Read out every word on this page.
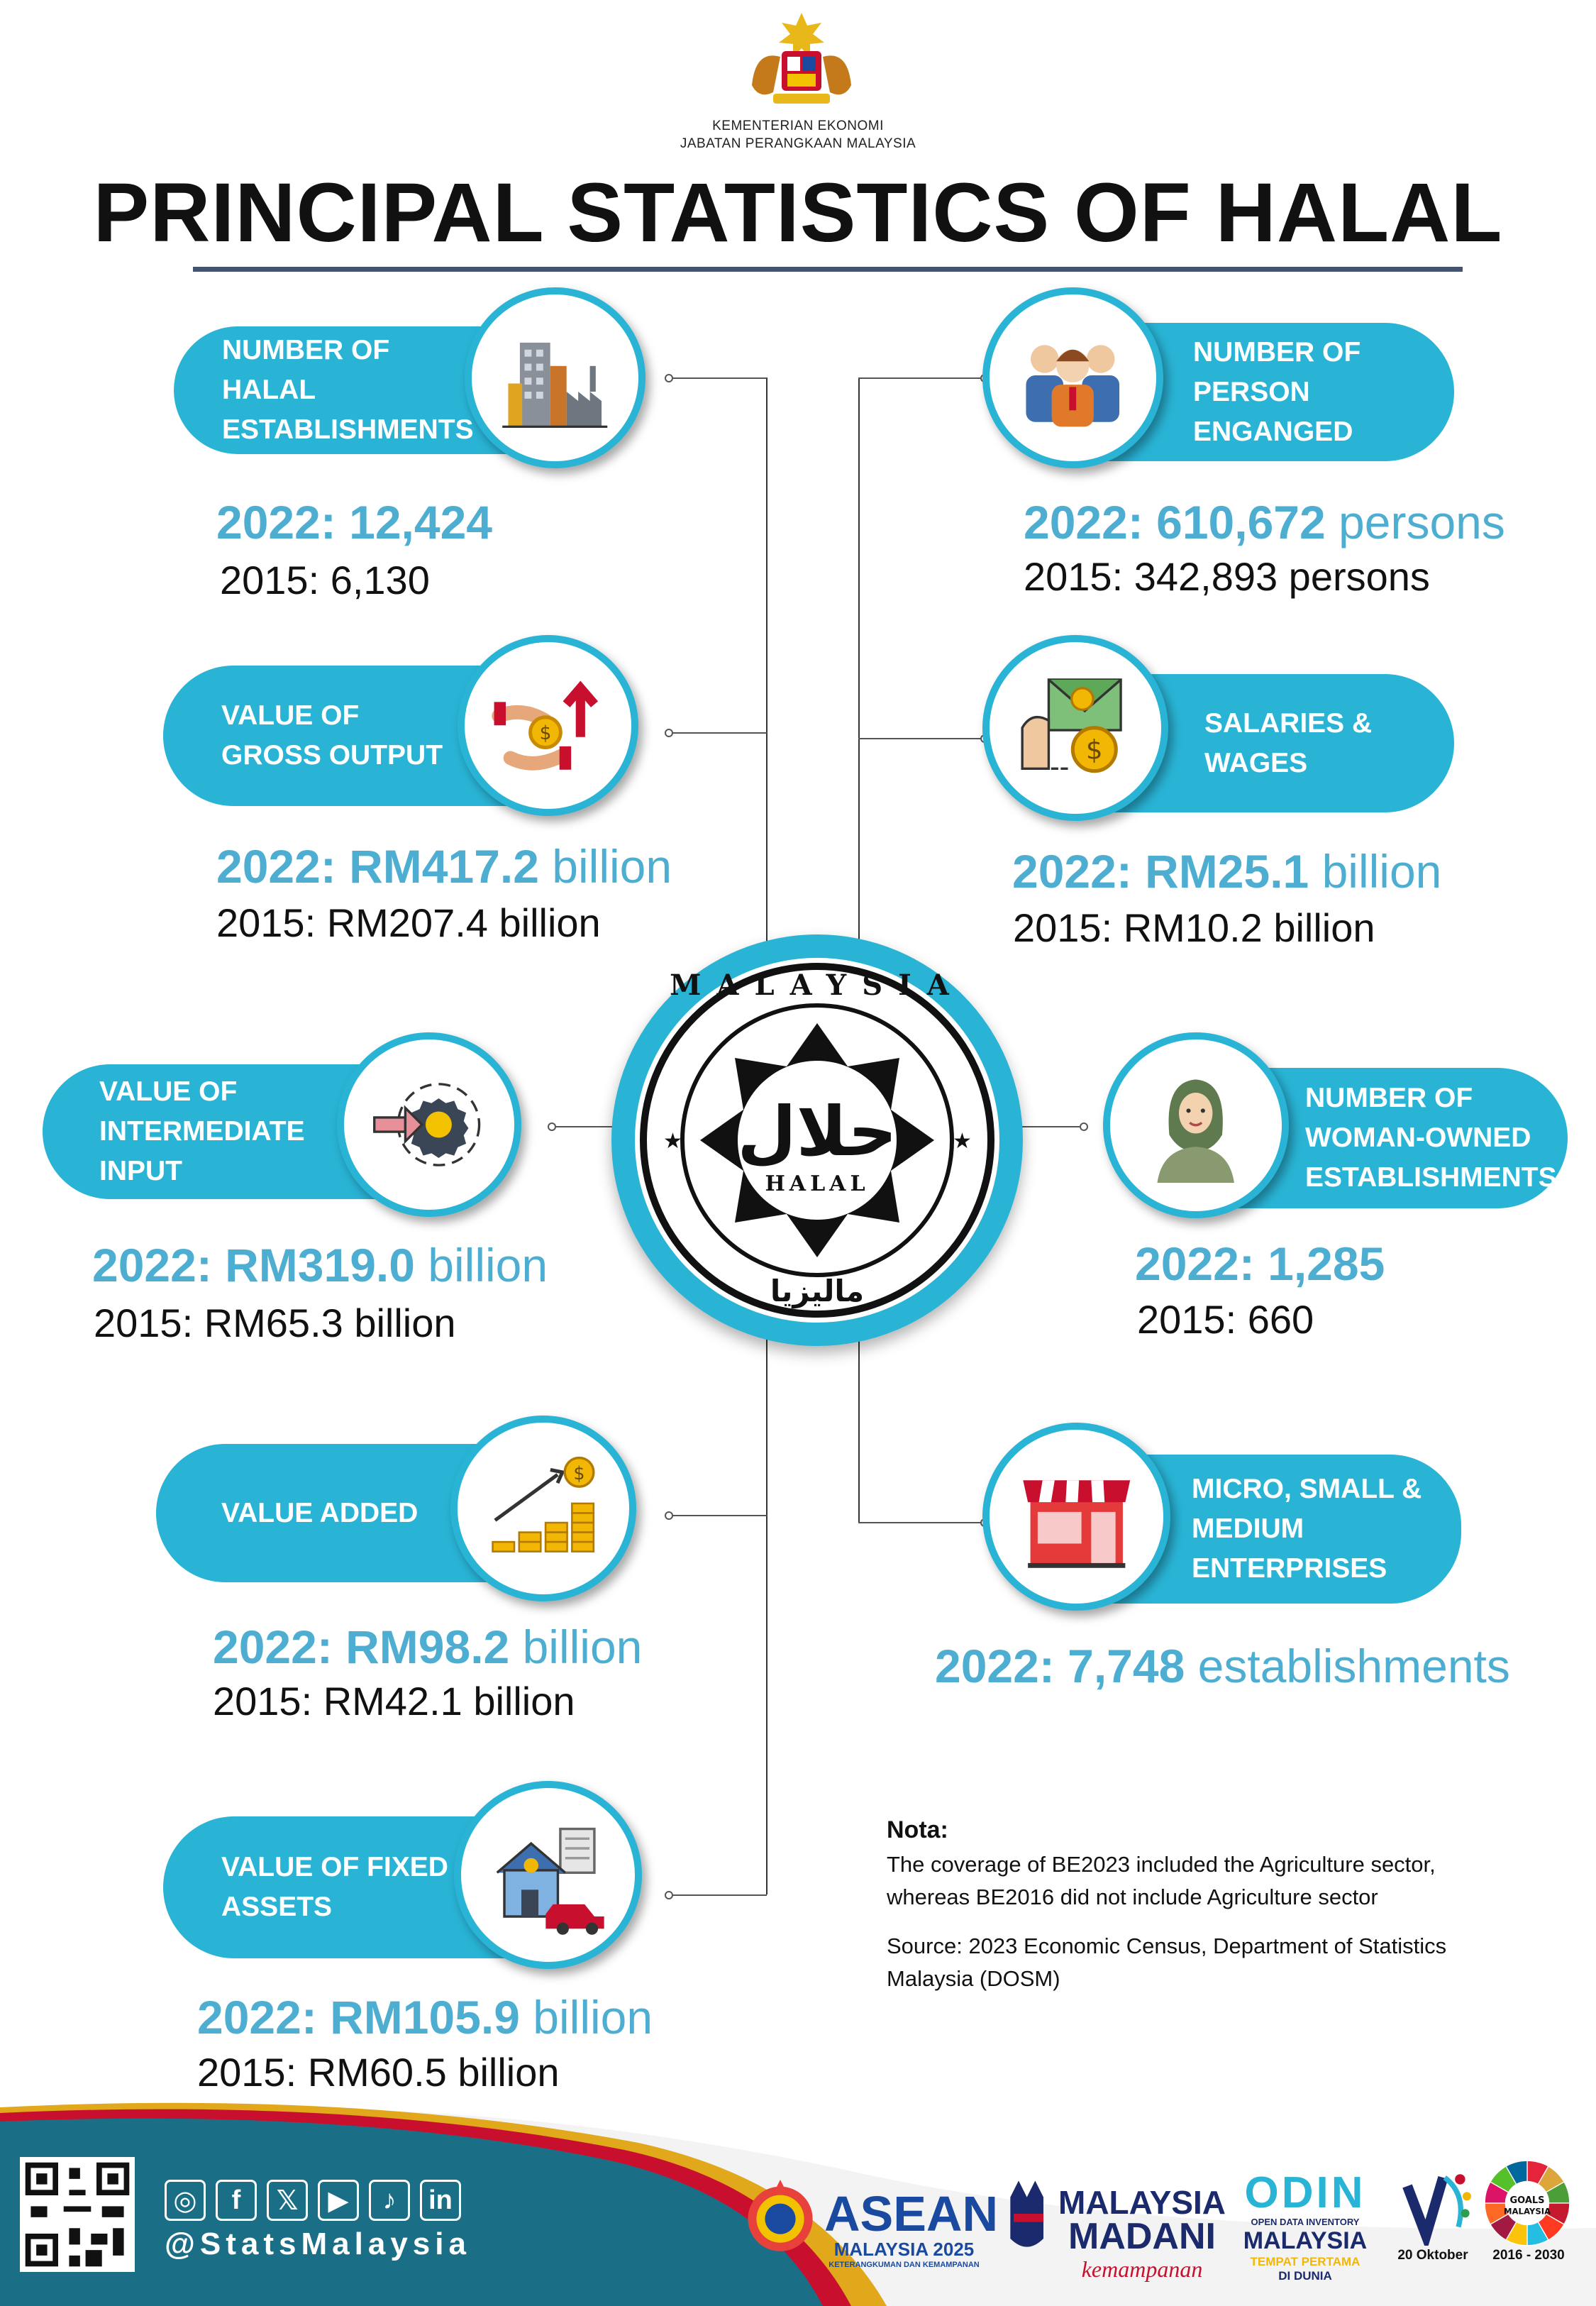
KEMENTERIAN EKONOMI
JABATAN PERANGKAAN MALAYSIA
PRINCIPAL STATISTICS OF HALAL
NUMBER OF
HALAL
ESTABLISHMENTS
2022: 12,424
2015: 6,130
VALUE OF
GROSS OUTPUT
$
2022: RM417.2 billion
2015: RM207.4 billion
VALUE OF
INTERMEDIATE
INPUT
2022: RM319.0 billion
2015: RM65.3 billion
VALUE ADDED
$
2022: RM98.2 billion
2015: RM42.1 billion
VALUE OF FIXED
ASSETS
2022: RM105.9 billion
2015: RM60.5 billion
NUMBER OF
PERSON
ENGANGED
2022: 610,672 persons
2015: 342,893 persons
SALARIES &
WAGES
$
2022: RM25.1 billion
2015: RM10.2 billion
NUMBER OF
WOMAN-OWNED
ESTABLISHMENTS
2022: 1,285
2015: 660
MICRO, SMALL &
MEDIUM
ENTERPRISES
2022: 7,748 establishments
حلال
HALAL
MALAYSIA
ماليزيا
★	★
Nota:
The coverage of BE2023 included the Agriculture sector,
whereas BE2016 did not include Agriculture sector
Source: 2023 Economic Census, Department of Statistics
Malaysia (DOSM)
◎	f	𝕏	▶	♪	in
@StatsMalaysia
ASEAN
MALAYSIA 2025
KETERANGKUMAN DAN KEMAMPANAN
MALAYSIA
MADANI
kemampanan
ODIN
OPEN DATA INVENTORY
MALAYSIA
TEMPAT PERTAMA
DI DUNIA
20 Oktober
GOALS
MALAYSIA
2016 - 2030
